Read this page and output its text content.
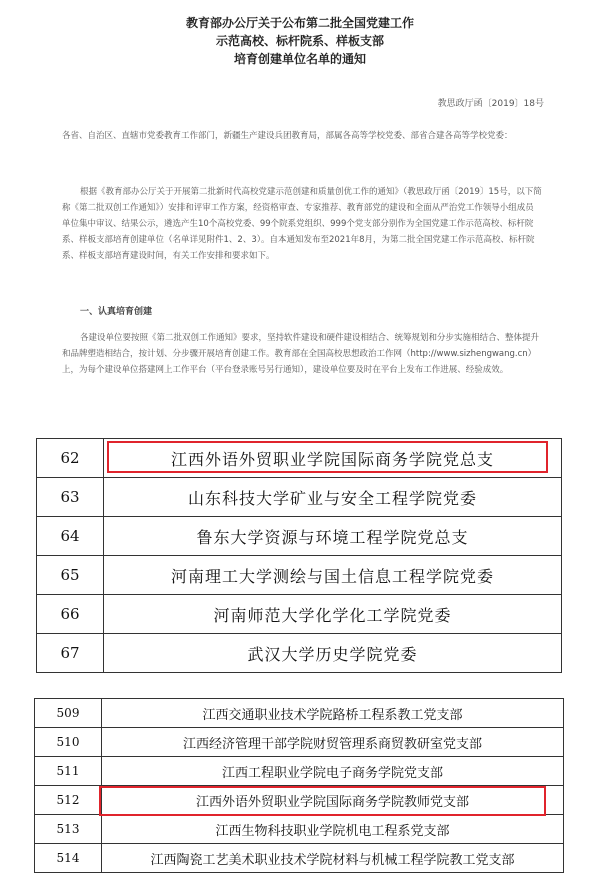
教育部办公厅关于公布第二批全国党建工作
示范高校、标杆院系、样板支部
培育创建单位名单的通知
教思政厅函〔2019〕18号

各省、自治区、直辖市党委教育工作部门，新疆生产建设兵团教育局，部属各高等学校党委、部省合建各高等学校党委：

根据《教育部办公厅关于开展第二批新时代高校党建示范创建和质量创优工作的通知》（教思政厅函〔2019〕15号，以下简称《第二批双创工作通知》）安排和评审工作方案，经资格审查、专家推荐、教育部党的建设和全面从严治党工作领导小组成员单位集中审议、结果公示，遴选产生10个高校党委、99个院系党组织、999个党支部分别作为全国党建工作示范高校、标杆院系、样板支部培育创建单位（名单详见附件1、2、3）。自本通知发布至2021年8月，为第二批全国党建工作示范高校、标杆院系、样板支部培育建设时间，有关工作安排和要求如下。

一、认真培育创建

各建设单位要按照《第二批双创工作通知》要求，坚持软件建设和硬件建设相结合、统筹规划和分步实施相结合、整体提升和品牌塑造相结合，按计划、分步骤开展培育创建工作。教育部在全国高校思想政治工作网（http://www.sizhengwang.cn）上，为每个建设单位搭建网上工作平台（平台登录账号另行通知），建设单位要及时在平台上发布工作进展、经验成效。

62	江西外语外贸职业学院国际商务学院党总支
63	山东科技大学矿业与安全工程学院党委
64	鲁东大学资源与环境工程学院党总支
65	河南理工大学测绘与国土信息工程学院党委
66	河南师范大学化学化工学院党委
67	武汉大学历史学院党委
509	江西交通职业技术学院路桥工程系教工党支部
510	江西经济管理干部学院财贸管理系商贸教研室党支部
511	江西工程职业学院电子商务学院党支部
512	江西外语外贸职业学院国际商务学院教师党支部
513	江西生物科技职业学院机电工程系党支部
514	江西陶瓷工艺美术职业技术学院材料与机械工程学院教工党支部
